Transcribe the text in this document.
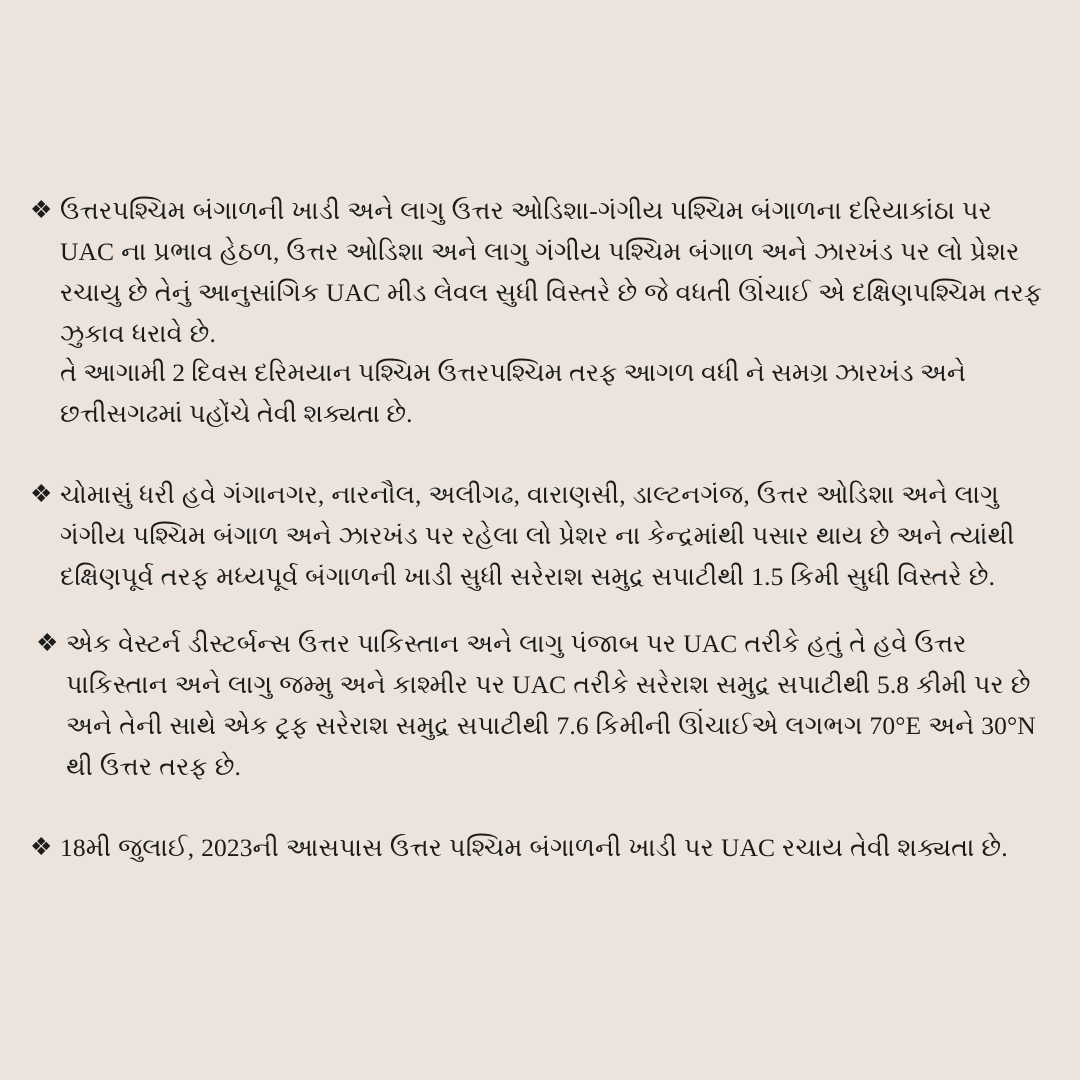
❖ ઉત્તરપશ્ચિમ બંગાળની ખાડી અને લાગુ ઉત્તર ઓડિશા-ગંગીય પશ્ચિમ બંગાળના દરિયાકાંઠા પર UAC ના પ્રભાવ હેઠળ, ઉત્તર ઓડિશા અને લાગુ ગંગીય પશ્ચિમ બંગાળ અને ઝારખંડ પર લો પ્રેશર રચાયુ છે તેનું આનુસાંગિક UAC મીડ લેવલ સુધી વિસ્તરે છે જે વધતી ઊંચાઈ એ દક્ષિણપશ્ચિમ તરફ ઝુકાવ ધરાવે છે.
તે આગામી 2 દિવસ દરિમયાન પશ્ચિમ ઉત્તરપશ્ચિમ તરફ આગળ વધી ને સમગ્ર ઝારખંડ અને છત્તીસગઢમાં પહોંચે તેવી શક્યતા છે.
❖ ચોમાસું ધરી હવે ગંગાનગર, નારનૌલ, અલીગઢ, વારાણસી, ડાલ્ટનગંજ, ઉત્તર ઓડિશા અને લાગુ ગંગીય પશ્ચિમ બંગાળ અને ઝારખંડ પર રહેલા લો પ્રેશર ના કેન્દ્રમાંથી પસાર થાય છે અને ત્યાંથી દક્ષિણપૂર્વ તરફ મધ્યપૂર્વ બંગાળની ખાડી સુધી સરેરાશ સમુદ્ર સપાટીથી 1.5 કિમી સુધી વિસ્તરે છે.
❖ એક વેસ્ટર્ન ડીસ્ટર્બન્સ ઉત્તર પાકિસ્તાન અને લાગુ પંજાબ પર UAC તરીકે હતું તે હવે ઉત્તર પાકિસ્તાન અને લાગુ જમ્મુ અને કાશ્મીર પર UAC તરીકે સરેરાશ સમુદ્ર સપાટીથી 5.8 કીમી પર છે અને તેની સાથે એક ટ્રફ સરેરાશ સમુદ્ર સપાટીથી 7.6 કિમીની ઊંચાઈએ લગભગ 70°E અને 30°N થી ઉત્તર તરફ છે.
❖ 18મી જુલાઈ, 2023ની આસપાસ ઉત્તર પશ્ચિમ બંગાળની ખાડી પર UAC રચાય તેવી શક્યતા છે.
